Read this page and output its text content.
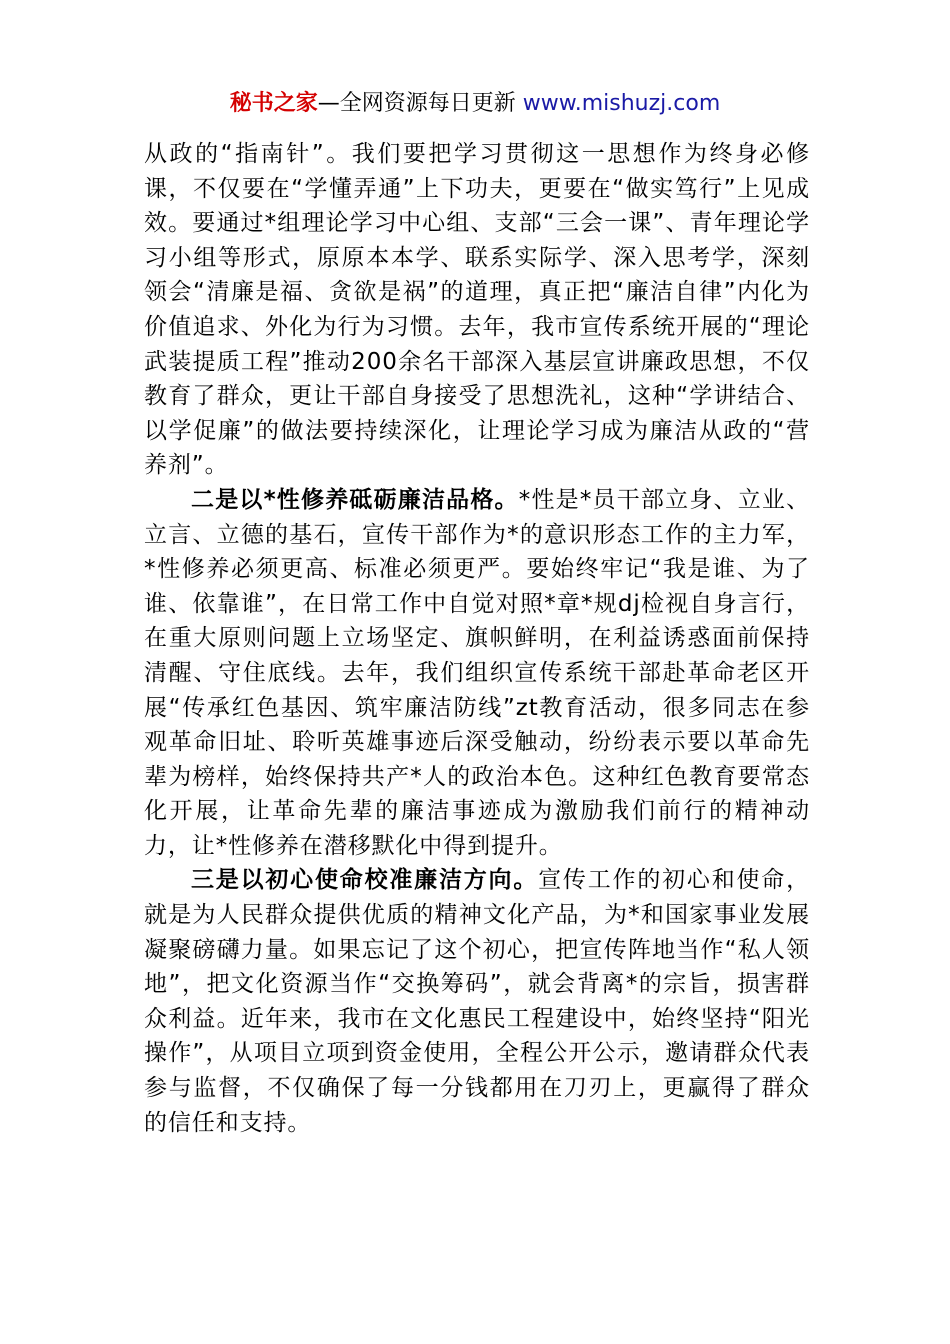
秘书之家—全网资源每日更新 www.mishuzj.com

从政的“指南针”。我们要把学习贯彻这一思想作为终身必修课，不仅要在“学懂弄通”上下功夫，更要在“做实笃行”上见成效。要通过*组理论学习中心组、支部“三会一课”、青年理论学习小组等形式，原原本本学、联系实际学、深入思考学，深刻领会“清廉是福、贪欲是祸”的道理，真正把“廉洁自律”内化为价值追求、外化为行为习惯。去年，我市宣传系统开展的“理论武装提质工程”推动200余名干部深入基层宣讲廉政思想，不仅教育了群众，更让干部自身接受了思想洗礼，这种“学讲结合、以学促廉”的做法要持续深化，让理论学习成为廉洁从政的“营养剂”。

二是以*性修养砥砺廉洁品格。*性是*员干部立身、立业、立言、立德的基石，宣传干部作为*的意识形态工作的主力军，*性修养必须更高、标准必须更严。要始终牢记“我是谁、为了谁、依靠谁”，在日常工作中自觉对照*章*规dj检视自身言行，在重大原则问题上立场坚定、旗帜鲜明，在利益诱惑面前保持清醒、守住底线。去年，我们组织宣传系统干部赴革命老区开展“传承红色基因、筑牢廉洁防线”zt教育活动，很多同志在参观革命旧址、聆听英雄事迹后深受触动，纷纷表示要以革命先辈为榜样，始终保持共产*人的政治本色。这种红色教育要常态化开展，让革命先辈的廉洁事迹成为激励我们前行的精神动力，让*性修养在潜移默化中得到提升。

三是以初心使命校准廉洁方向。宣传工作的初心和使命，就是为人民群众提供优质的精神文化产品，为*和国家事业发展凝聚磅礴力量。如果忘记了这个初心，把宣传阵地当作“私人领地”，把文化资源当作“交换筹码”，就会背离*的宗旨，损害群众利益。近年来，我市在文化惠民工程建设中，始终坚持“阳光操作”，从项目立项到资金使用，全程公开公示，邀请群众代表参与监督，不仅确保了每一分钱都用在刀刃上，更赢得了群众的信任和支持。
